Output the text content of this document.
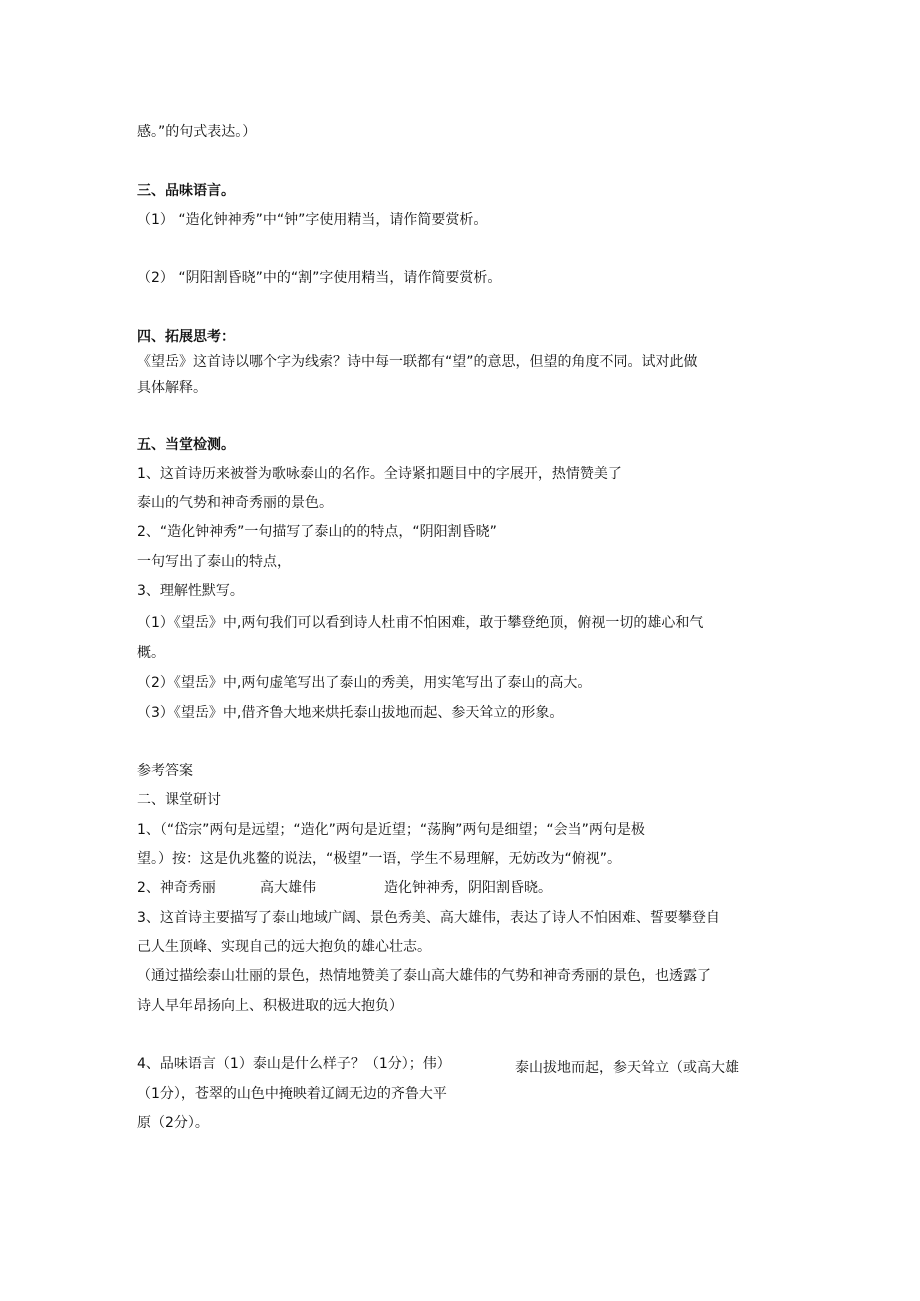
感。”的句式表达。）
三、品味语言。
（1） “造化钟神秀”中“钟”字使用精当，请作简要赏析。
（2） “阴阳割昏晓”中的“割”字使用精当，请作简要赏析。
四、拓展思考：
《望岳》这首诗以哪个字为线索？诗中每一联都有“望”的意思，但望的角度不同。试对此做
具体解释。
五、当堂检测。
1、这首诗历来被誉为歌咏泰山的名作。全诗紧扣题目中的字展开，热情赞美了
泰山的气势和神奇秀丽的景色。
2、“造化钟神秀”一句描写了泰山的的特点，“阴阳割昏晓”
一句写出了泰山的特点，
3、理解性默写。
（1）《望岳》中,两句我们可以看到诗人杜甫不怕困难，敢于攀登绝顶，俯视一切的雄心和气
概。
（2）《望岳》中,两句虚笔写出了泰山的秀美，用实笔写出了泰山的高大。
（3）《望岳》中,借齐鲁大地来烘托泰山拔地而起、参天耸立的形象。
参考答案
二、课堂研讨
1、（“岱宗”两句是远望；“造化”两句是近望；“荡胸”两句是细望；“会当”两句是极
望。）按：这是仇兆鳌的说法，“极望”一语，学生不易理解，无妨改为“俯视”。
2、神奇秀丽	高大雄伟	造化钟神秀，阴阳割昏晓。
3、这首诗主要描写了泰山地域广阔、景色秀美、高大雄伟，表达了诗人不怕困难、誓要攀登自
己人生顶峰、实现自己的远大抱负的雄心壮志。
（通过描绘泰山壮丽的景色，热情地赞美了泰山高大雄伟的气势和神奇秀丽的景色，也透露了
诗人早年昂扬向上、积极进取的远大抱负）
4、品味语言（1）泰山是什么样子？（1分）；伟）	泰山拔地而起，参天耸立（或高大雄
（1分），苍翠的山色中掩映着辽阔无边的齐鲁大平
原（2分）。
